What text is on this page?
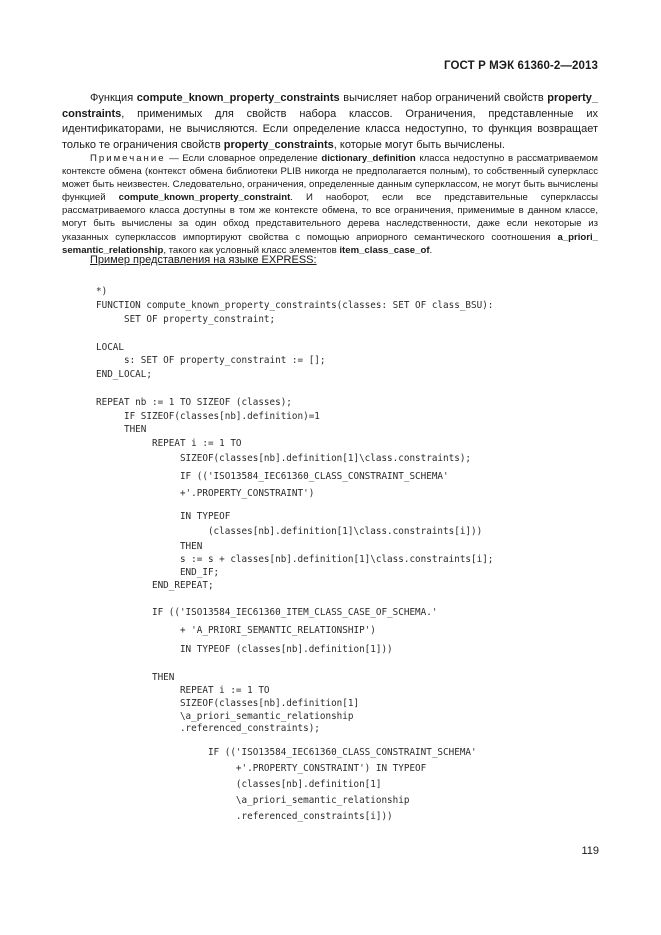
ГОСТ Р МЭК 61360-2—2013

Функция compute_known_property_constraints вычисляет набор ограничений свойств property_ constraints, применимых для свойств набора классов. Ограничения, представленные их идентификаторами, не вычисляются. Если определение класса недоступно, то функция возвращает только те ограничения свойств property_constraints, которые могут быть вычислены.

Примечание — Если словарное определение dictionary_definition класса недоступно в рассматриваемом контексте обмена (контекст обмена библиотеки PLIB никогда не предполагается полным), то собственный суперкласс может быть неизвестен. Следовательно, ограничения, определенные данным суперклассом, не могут быть вычислены функцией compute_known_property_constraint. И наоборот, если все представительные суперклассы рассматриваемого класса доступны в том же контексте обмена, то все ограничения, применимые в данном классе, могут быть вычислены за один обход представительного дерева наследственности, даже если некоторые из указанных суперклассов импортируют свойства с помощью априорного семантического соотношения a_priori_ semantic_relationship, такого как условный класс элементов item_class_case_of.

Пример представления на языке EXPRESS:
*)
FUNCTION compute_known_property_constraints(classes: SET OF class_BSU):
SET OF property_constraint;
LOCAL
s: SET OF property_constraint := [];
END_LOCAL;
REPEAT nb := 1 TO SIZEOF (classes);
IF SIZEOF(classes[nb].definition)=1
THEN
REPEAT i := 1 TO
SIZEOF(classes[nb].definition[1]\class.constraints);
IF (('ISO13584_IEC61360_CLASS_CONSTRAINT_SCHEMA'
+'.PROPERTY_CONSTRAINT')
IN TYPEOF
(classes[nb].definition[1]\class.constraints[i]))
THEN
s := s + classes[nb].definition[1]\class.constraints[i];
END_IF;
END_REPEAT;
IF (('ISO13584_IEC61360_ITEM_CLASS_CASE_OF_SCHEMA.'
+ 'A_PRIORI_SEMANTIC_RELATIONSHIP')
IN TYPEOF (classes[nb].definition[1]))
THEN
REPEAT i := 1 TO
SIZEOF(classes[nb].definition[1]
\a_priori_semantic_relationship
.referenced_constraints);
IF (('ISO13584_IEC61360_CLASS_CONSTRAINT_SCHEMA'
+'.PROPERTY_CONSTRAINT') IN TYPEOF
(classes[nb].definition[1]
\a_priori_semantic_relationship
.referenced_constraints[i]))
119
